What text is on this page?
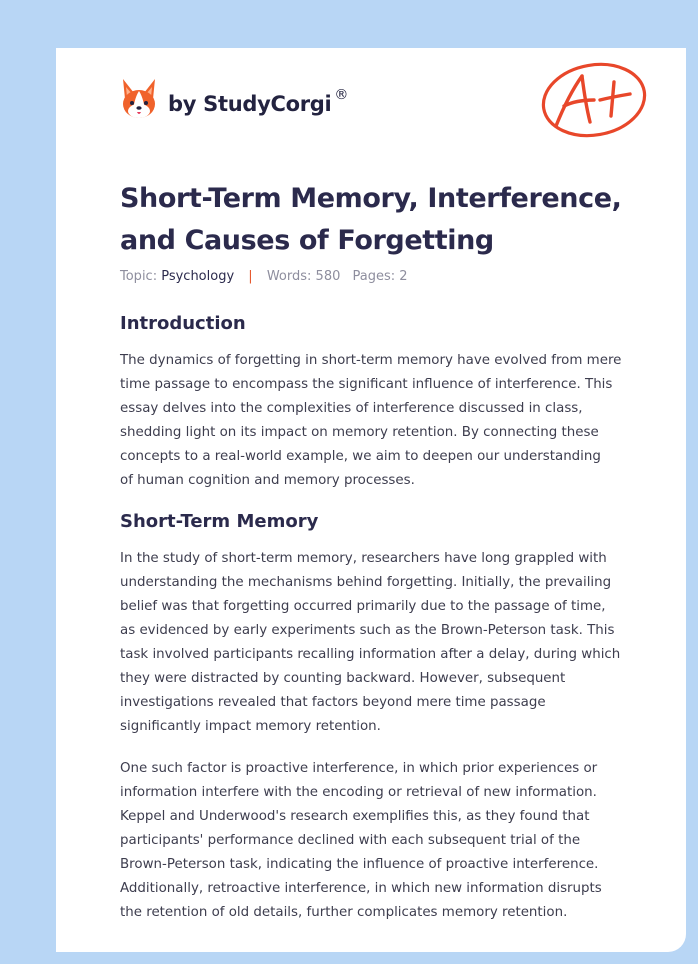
by StudyCorgi ®
Short-Term Memory, Interference,
and Causes of Forgetting
Topic: Psychology | Words: 580 Pages: 2
Introduction

The dynamics of forgetting in short-term memory have evolved from mere
time passage to encompass the significant influence of interference. This
essay delves into the complexities of interference discussed in class,
shedding light on its impact on memory retention. By connecting these
concepts to a real-world example, we aim to deepen our understanding
of human cognition and memory processes.

Short-Term Memory

In the study of short-term memory, researchers have long grappled with
understanding the mechanisms behind forgetting. Initially, the prevailing
belief was that forgetting occurred primarily due to the passage of time,
as evidenced by early experiments such as the Brown-Peterson task. This
task involved participants recalling information after a delay, during which
they were distracted by counting backward. However, subsequent
investigations revealed that factors beyond mere time passage
significantly impact memory retention.

One such factor is proactive interference, in which prior experiences or
information interfere with the encoding or retrieval of new information.
Keppel and Underwood's research exemplifies this, as they found that
participants' performance declined with each subsequent trial of the
Brown-Peterson task, indicating the influence of proactive interference.
Additionally, retroactive interference, in which new information disrupts
the retention of old details, further complicates memory retention.
